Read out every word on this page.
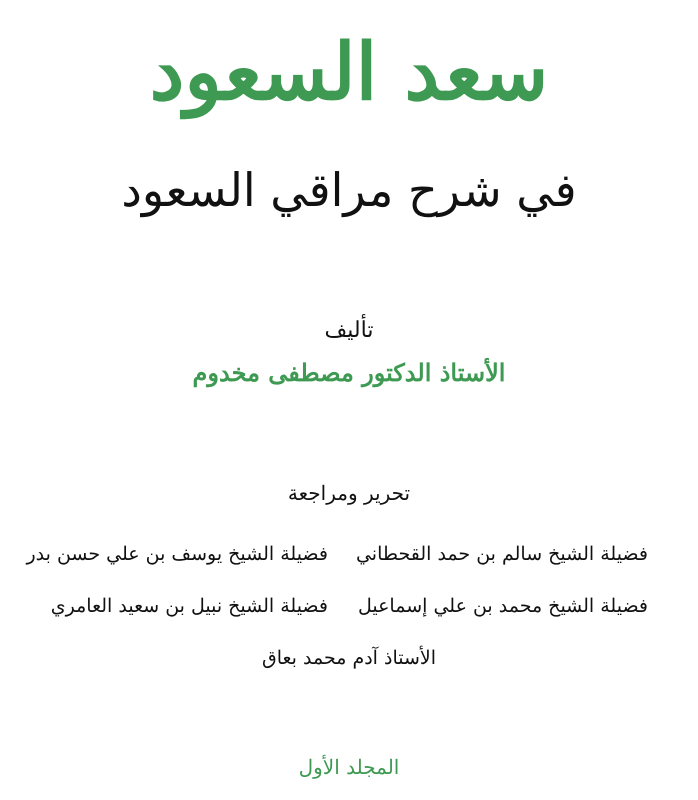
سعد السعود
في شرح مراقي السعود
تأليف
الأستاذ الدكتور مصطفى مخدوم
تحرير ومراجعة
فضيلة الشيخ سالم بن حمد القحطاني
فضيلة الشيخ يوسف بن علي حسن بدر
فضيلة الشيخ محمد بن علي إسماعيل
فضيلة الشيخ نبيل بن سعيد العامري
الأستاذ آدم محمد بعاق
المجلد الأول
